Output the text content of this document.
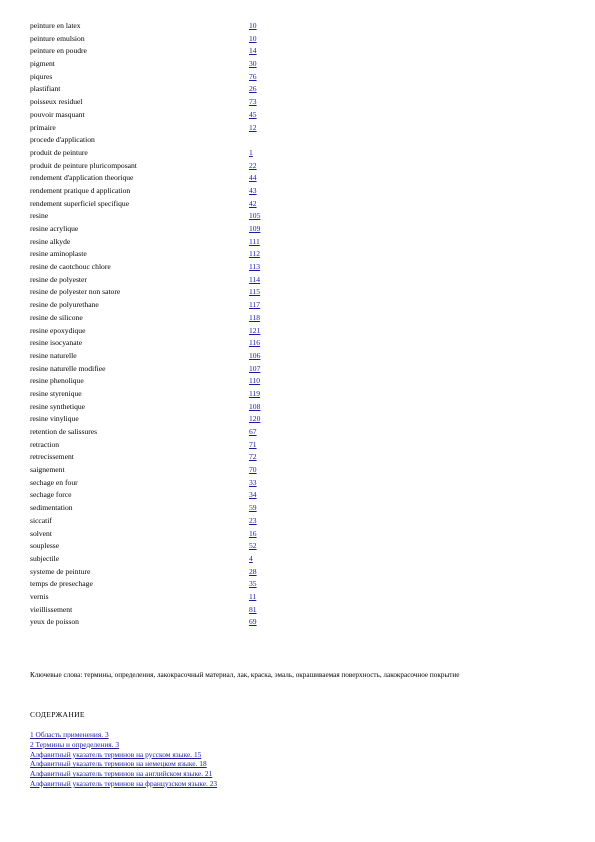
peinture en latex	10
peinture emulsion	10
peinture en poudre	14
pigment	30
piqures	76
plastifiant	26
poisseux residuel	73
pouvoir masquant	45
primaire	12
procede d'application
produit de peinture	1
produit de peinture pluricomposant	22
rendement d'application theorique	44
rendement pratique d application	43
rendement superficiel specifique	42
resine	105
resine acrylique	109
resine alkyde	111
resine aminoplaste	112
resine de caotchouc chlore	113
resine de polyester	114
resine de polyester non satore	115
resine de polyurethane	117
resine de silicone	118
resine epoxydique	121
resine isocyanate	116
resine naturelle	106
resine naturelle modifiee	107
resine phenolique	110
resine styrenique	119
resine synthetique	108
resine vinylique	120
retention de salissures	67
retraction	71
retrecissement	72
saignement	70
sechage en four	33
sechage force	34
sedimentation	59
siccatif	23
solvent	16
souplesse	52
subjectile	4
systeme de peinture	28
temps de presechage	35
vernis	11
vieillissement	81
yeux de poisson	69
Ключевые слова: термины, определения, лакокрасочный материал, лак, краска, эмаль, окрашиваемая поверхность, лакокрасочное покрытие
СОДЕРЖАНИЕ
1 Область применения. 3
2 Термины и определения. 3
Алфавитный указатель терминов на русском языке. 15
Алфавитный указатель терминов на немецком языке. 18
Алфавитный указатель терминов на английском языке. 21
Алфавитный указатель терминов на французском языке. 23
